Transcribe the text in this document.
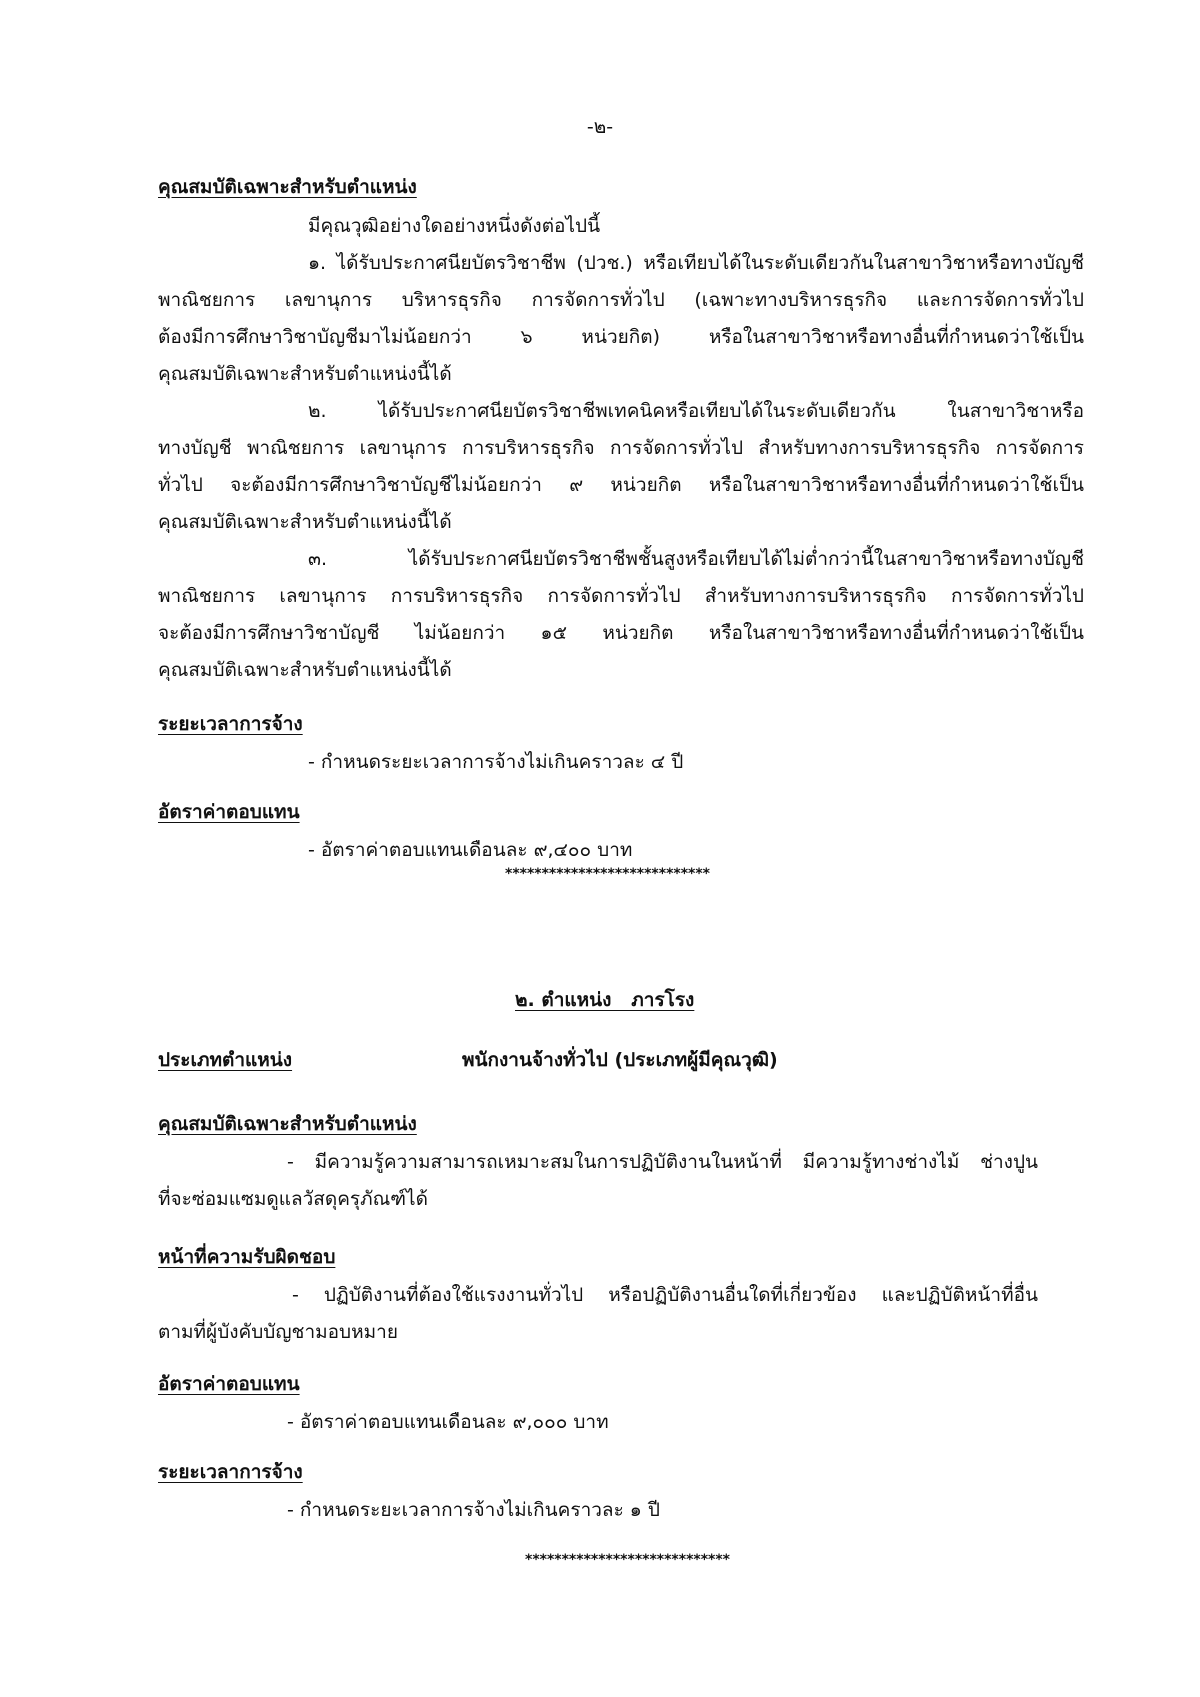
-๒-
คุณสมบัติเฉพาะสำหรับตำแหน่ง
มีคุณวุฒิอย่างใดอย่างหนึ่งดังต่อไปนี้
๑. ได้รับประกาศนียบัตรวิชาชีพ (ปวช.) หรือเทียบได้ในระดับเดียวกันในสาขาวิชาหรือทางบัญชี
พาณิชยการ เลขานุการ บริหารธุรกิจ การจัดการทั่วไป (เฉพาะทางบริหารธุรกิจ และการจัดการทั่วไป
ต้องมีการศึกษาวิชาบัญชีมาไม่น้อยกว่า ๖ หน่วยกิต) หรือในสาขาวิชาหรือทางอื่นที่กำหนดว่าใช้เป็น
คุณสมบัติเฉพาะสำหรับตำแหน่งนี้ได้
๒. ได้รับประกาศนียบัตรวิชาชีพเทคนิคหรือเทียบได้ในระดับเดียวกัน ในสาขาวิชาหรือ
ทางบัญชี พาณิชยการ เลขานุการ การบริหารธุรกิจ การจัดการทั่วไป สำหรับทางการบริหารธุรกิจ การจัดการ
ทั่วไป จะต้องมีการศึกษาวิชาบัญชีไม่น้อยกว่า ๙ หน่วยกิต หรือในสาขาวิชาหรือทางอื่นที่กำหนดว่าใช้เป็น
คุณสมบัติเฉพาะสำหรับตำแหน่งนี้ได้
๓. ได้รับประกาศนียบัตรวิชาชีพชั้นสูงหรือเทียบได้ไม่ต่ำกว่านี้ในสาขาวิชาหรือทางบัญชี
พาณิชยการ เลขานุการ การบริหารธุรกิจ การจัดการทั่วไป สำหรับทางการบริหารธุรกิจ การจัดการทั่วไป
จะต้องมีการศึกษาวิชาบัญชี ไม่น้อยกว่า ๑๕ หน่วยกิต หรือในสาขาวิชาหรือทางอื่นที่กำหนดว่าใช้เป็น
คุณสมบัติเฉพาะสำหรับตำแหน่งนี้ได้
ระยะเวลาการจ้าง
- กำหนดระยะเวลาการจ้างไม่เกินคราวละ ๔ ปี
อัตราค่าตอบแทน
- อัตราค่าตอบแทนเดือนละ ๙,๔๐๐ บาท
****************************
๒. ตำแหน่ง   ภารโรง
ประเภทตำแหน่ง	พนักงานจ้างทั่วไป (ประเภทผู้มีคุณวุฒิ)
คุณสมบัติเฉพาะสำหรับตำแหน่ง
- มีความรู้ความสามารถเหมาะสมในการปฏิบัติงานในหน้าที่ มีความรู้ทางช่างไม้ ช่างปูน
ที่จะซ่อมแซมดูแลวัสดุครุภัณฑ์ได้
หน้าที่ความรับผิดชอบ
- ปฏิบัติงานที่ต้องใช้แรงงานทั่วไป หรือปฏิบัติงานอื่นใดที่เกี่ยวข้อง และปฏิบัติหน้าที่อื่น
ตามที่ผู้บังคับบัญชามอบหมาย
อัตราค่าตอบแทน
- อัตราค่าตอบแทนเดือนละ ๙,๐๐๐ บาท
ระยะเวลาการจ้าง
- กำหนดระยะเวลาการจ้างไม่เกินคราวละ ๑ ปี
****************************
